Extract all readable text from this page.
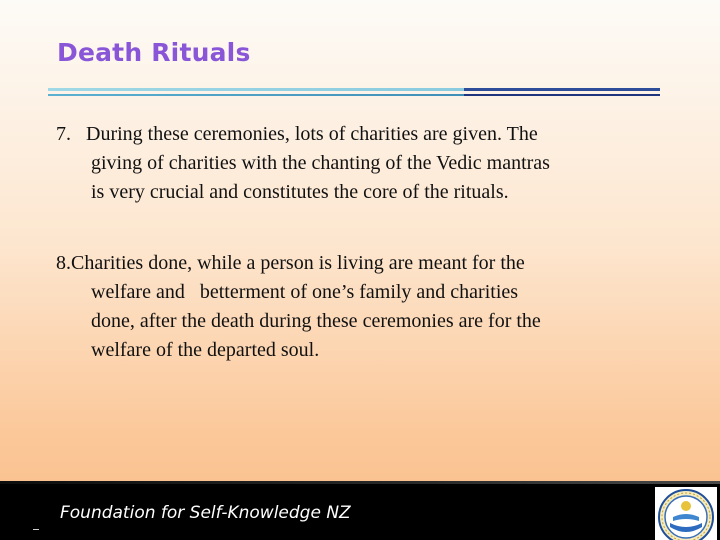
Death Rituals
7. During these ceremonies, lots of charities are given. The
giving of charities with the chanting of the Vedic mantras
is very crucial and constitutes the core of the rituals.
8.Charities done, while a person is living are meant for the
welfare and   betterment of one’s family and charities
done, after the death during these ceremonies are for the
welfare of the departed soul.
Foundation for Self-Knowledge NZ
